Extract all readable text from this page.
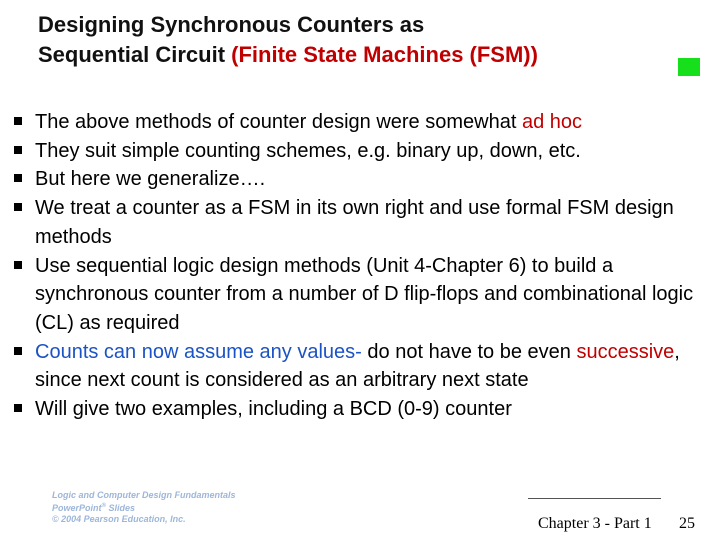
Designing Synchronous Counters as
Sequential Circuit (Finite State Machines (FSM))
The above methods of counter design were somewhat ad hoc
They suit simple counting schemes, e.g. binary up, down, etc.
But here we generalize….
We treat a counter as a FSM in its own right and use formal FSM design methods
Use sequential logic design methods (Unit 4-Chapter 6) to build a synchronous counter from a number of D flip-flops and combinational logic (CL) as required
Counts can now assume any values- do not have to be even successive, since next count is considered as an arbitrary next state
Will give two examples, including a BCD (0-9) counter
Logic and Computer Design Fundamentals
PowerPoint® Slides
© 2004 Pearson Education, Inc.	Chapter 3 - Part 1 25
